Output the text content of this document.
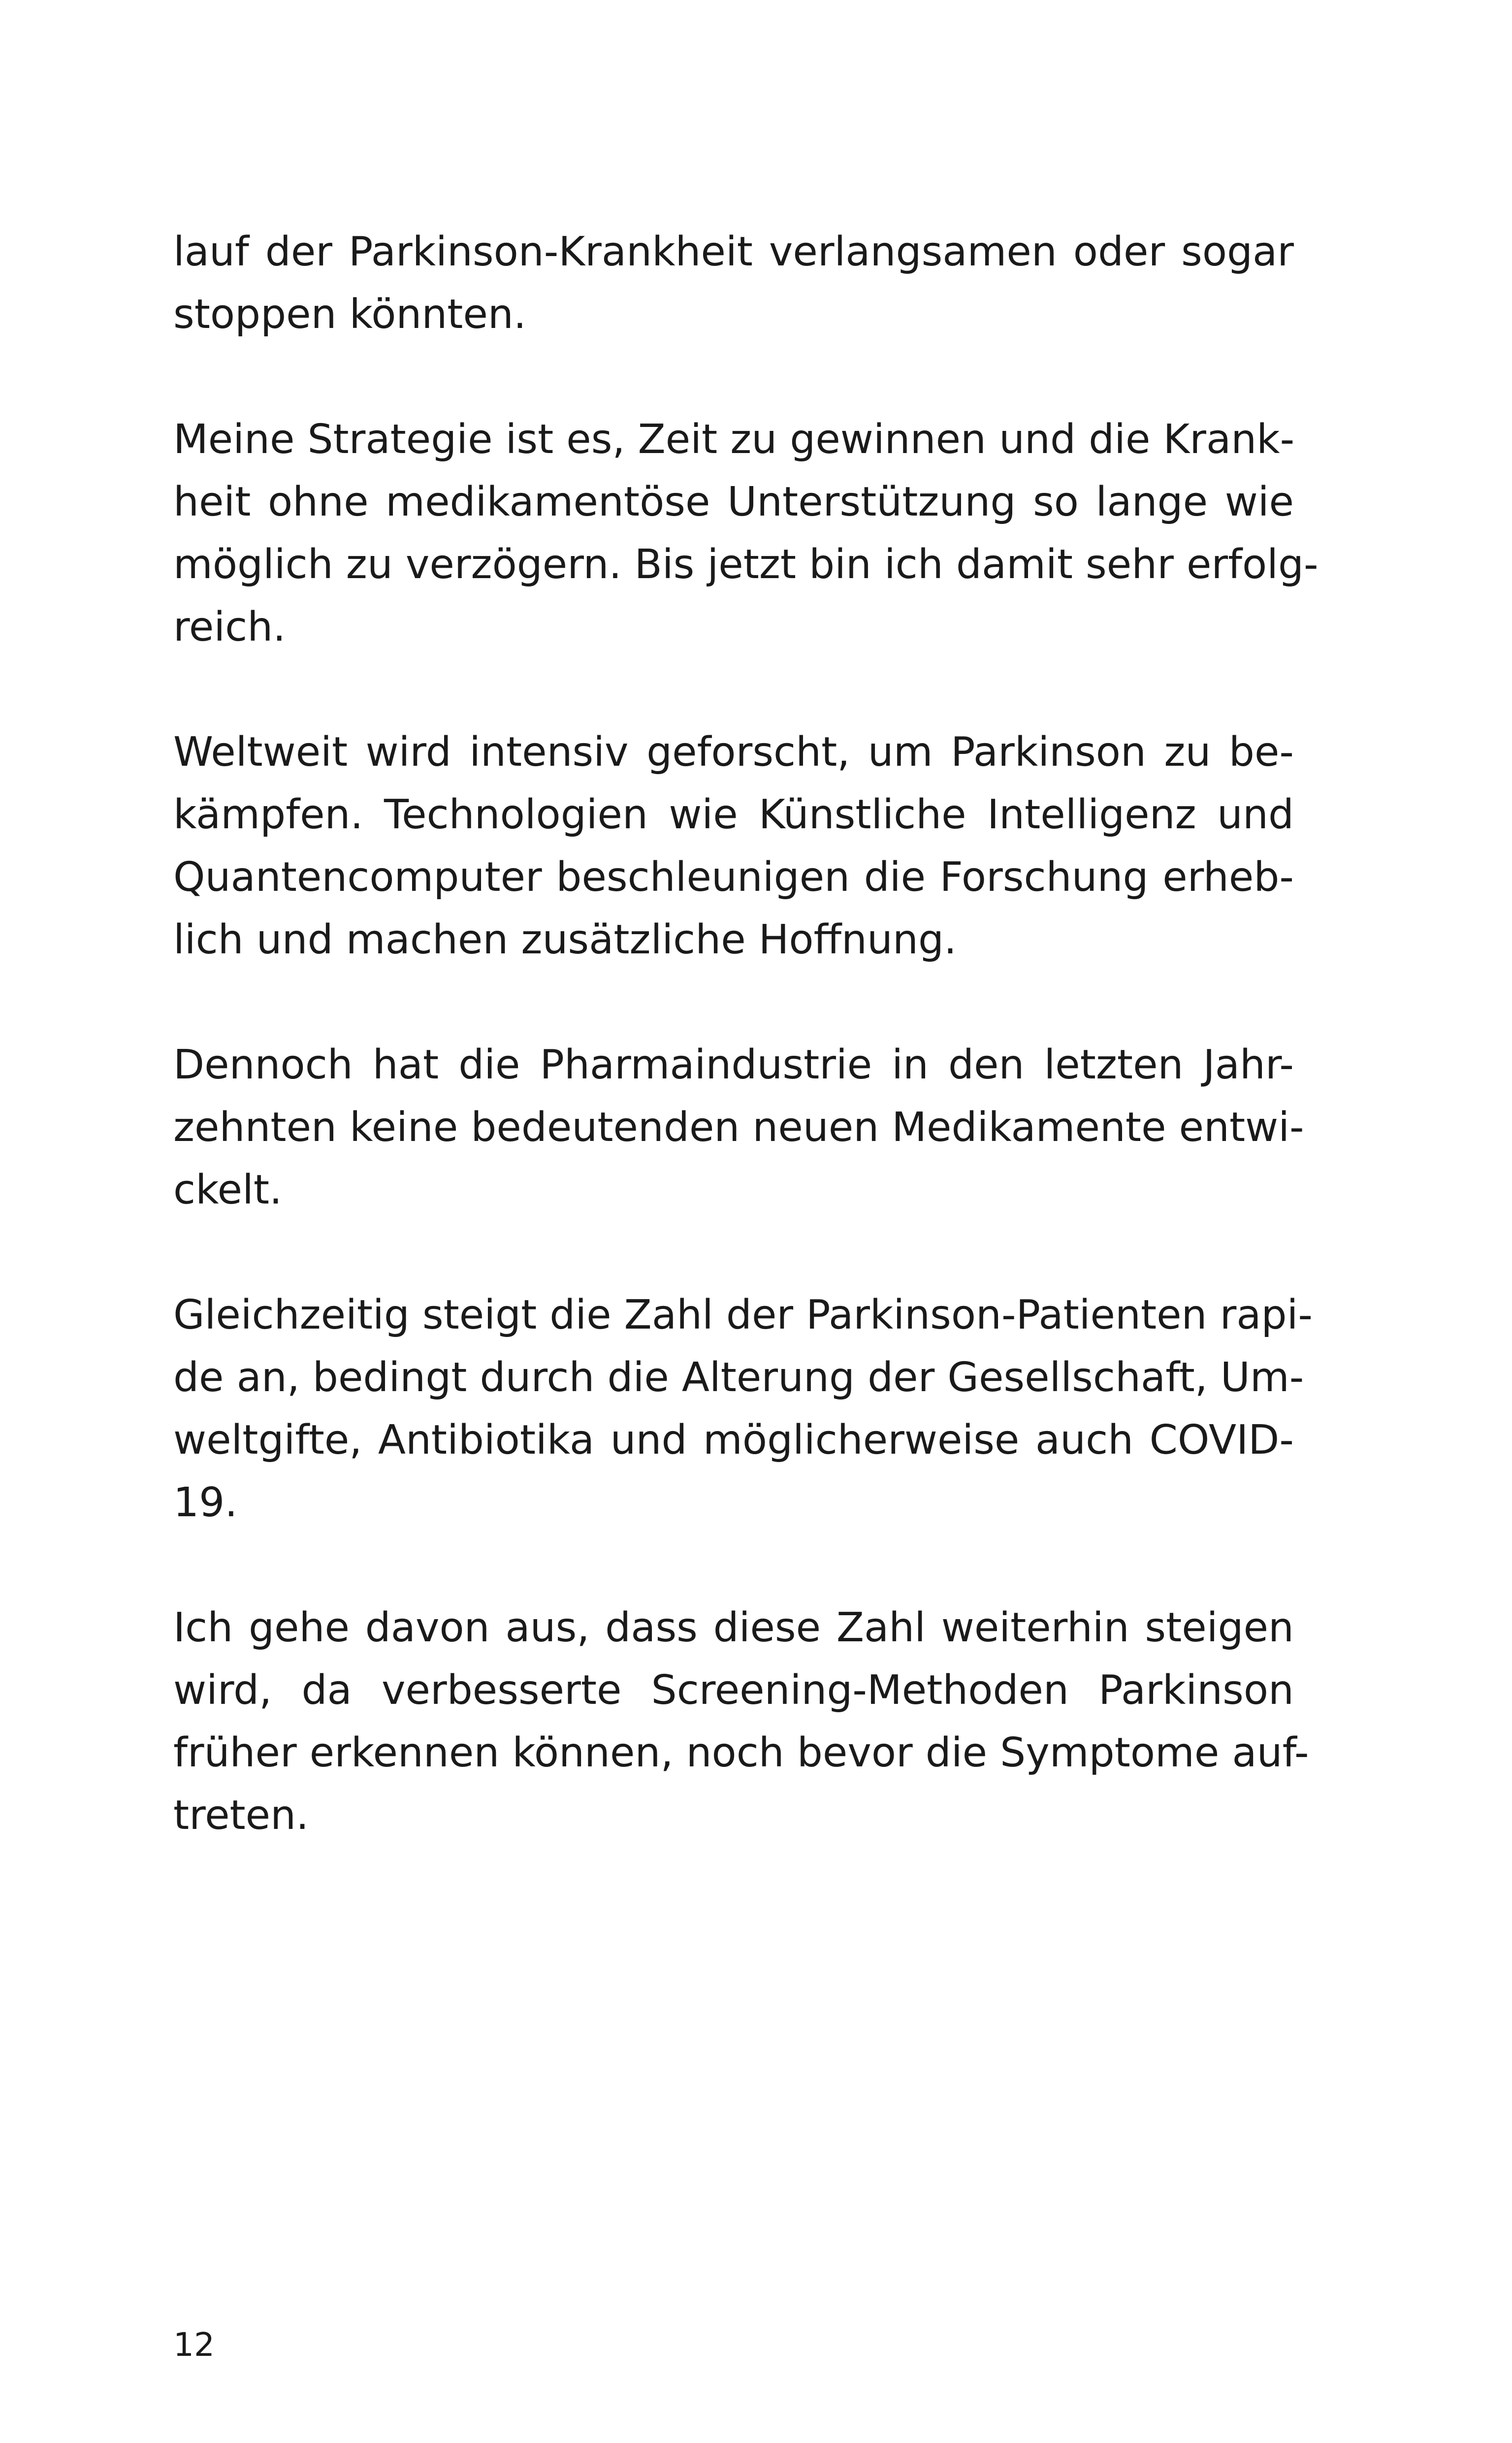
lauf der Parkinson-Krankheit verlangsamen oder sogar
stoppen könnten.
Meine Strategie ist es, Zeit zu gewinnen und die Krank-
heit ohne medikamentöse Unterstützung so lange wie
möglich zu verzögern. Bis jetzt bin ich damit sehr erfolg-
reich.
Weltweit wird intensiv geforscht, um Parkinson zu be-
kämpfen. Technologien wie Künstliche Intelligenz und
Quantencomputer beschleunigen die Forschung erheb-
lich und machen zusätzliche Hoffnung.
Dennoch hat die Pharmaindustrie in den letzten Jahr-
zehnten keine bedeutenden neuen Medikamente entwi-
ckelt.
Gleichzeitig steigt die Zahl der Parkinson-Patienten rapi-
de an, bedingt durch die Alterung der Gesellschaft, Um-
weltgifte, Antibiotika und möglicherweise auch COVID-
19.
Ich gehe davon aus, dass diese Zahl weiterhin steigen
wird, da verbesserte Screening-Methoden Parkinson
früher erkennen können, noch bevor die Symptome auf-
treten.
12
